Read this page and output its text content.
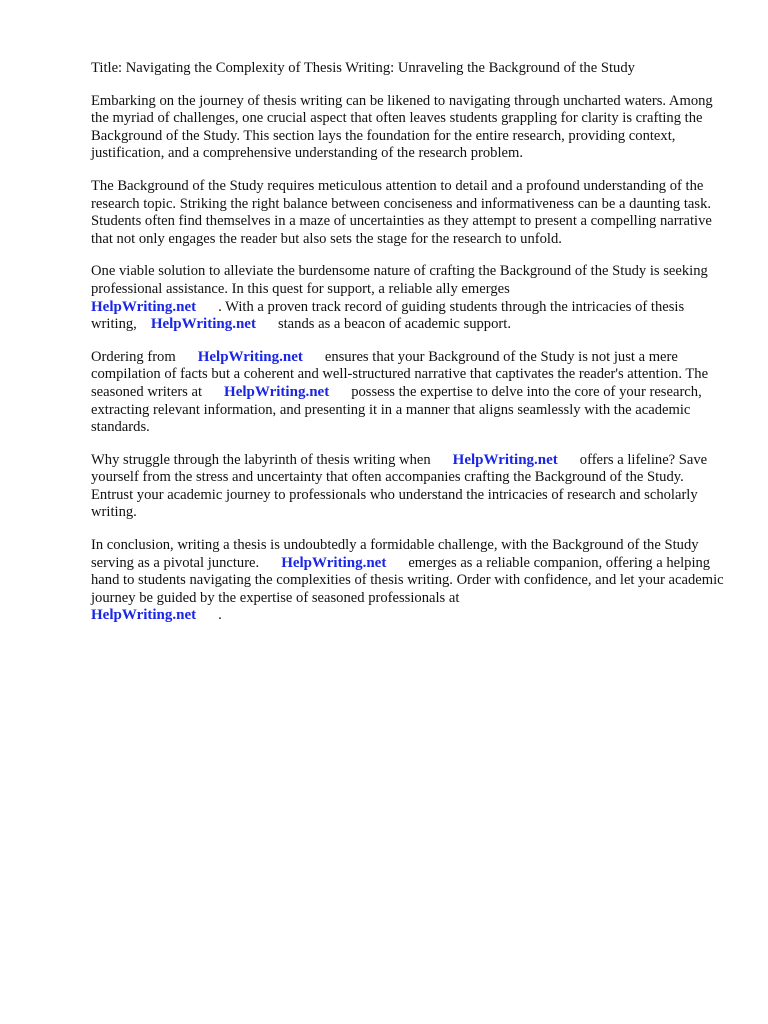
Title: Navigating the Complexity of Thesis Writing: Unraveling the Background of the Study

Embarking on the journey of thesis writing can be likened to navigating through uncharted waters. Among the myriad of challenges, one crucial aspect that often leaves students grappling for clarity is crafting the Background of the Study. This section lays the foundation for the entire research, providing context, justification, and a comprehensive understanding of the research problem.

The Background of the Study requires meticulous attention to detail and a profound understanding of the research topic. Striking the right balance between conciseness and informativeness can be a daunting task. Students often find themselves in a maze of uncertainties as they attempt to present a compelling narrative that not only engages the reader but also sets the stage for the research to unfold.

One viable solution to alleviate the burdensome nature of crafting the Background of the Study is seeking professional assistance. In this quest for support, a reliable ally emerges
HelpWriting.net . With a proven track record of guiding students through the intricacies of thesis writing, HelpWriting.net stands as a beacon of academic support.

Ordering from HelpWriting.net ensures that your Background of the Study is not just a mere compilation of facts but a coherent and well-structured narrative that captivates the reader's attention. The seasoned writers at HelpWriting.net possess the expertise to delve into the core of your research, extracting relevant information, and presenting it in a manner that aligns seamlessly with the academic standards.

Why struggle through the labyrinth of thesis writing when HelpWriting.net offers a lifeline? Save yourself from the stress and uncertainty that often accompanies crafting the Background of the Study. Entrust your academic journey to professionals who understand the intricacies of research and scholarly writing.

In conclusion, writing a thesis is undoubtedly a formidable challenge, with the Background of the Study serving as a pivotal juncture. HelpWriting.net emerges as a reliable companion, offering a helping hand to students navigating the complexities of thesis writing. Order with confidence, and let your academic journey be guided by the expertise of seasoned professionals at
HelpWriting.net .
